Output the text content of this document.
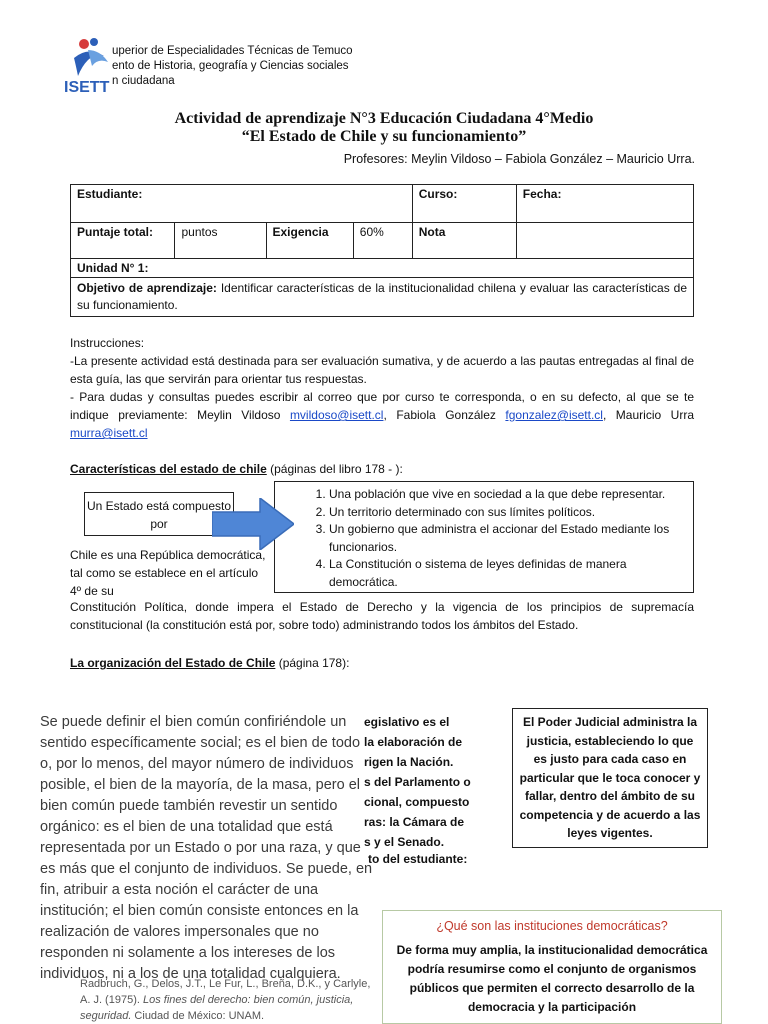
ISETT
uperior de Especialidades Técnicas de Temuco
ento de Historia, geografía y Ciencias sociales
n ciudadana
Actividad de aprendizaje N°3 Educación Ciudadana 4°Medio
“El Estado de Chile y su funcionamiento”
Profesores: Meylin Vildoso – Fabiola González – Mauricio Urra.
Estudiante:				Curso:	Fecha:
Puntaje total:	puntos	Exigencia	60%	Nota	
Unidad N° 1:					
Objetivo de aprendizaje: Identificar características de la institucionalidad chilena y evaluar las características de su funcionamiento.					
Instrucciones:
-La presente actividad está destinada para ser evaluación sumativa, y de acuerdo a las pautas entregadas al final de esta guía, las que servirán para orientar tus respuestas.
- Para dudas y consultas puedes escribir al correo que por curso te corresponda, o en su defecto, al que se te indique previamente: Meylin Vildoso mvildoso@isett.cl, Fabiola González fgonzalez@isett.cl, Mauricio Urra murra@isett.cl
Características del estado de chile (páginas del libro 178 - ):
Un Estado está compuesto por
1. Una población que vive en sociedad a la que debe representar.
2. Un territorio determinado con sus límites políticos.
3. Un gobierno que administra el accionar del Estado mediante los funcionarios.
4. La Constitución o sistema de leyes definidas de manera democrática.
Chile es una República democrática, tal como se establece en el artículo 4º de su
Constitución Política, donde impera el Estado de Derecho y la vigencia de los principios de supremacía constitucional (la constitución está por, sobre todo) administrando todos los ámbitos del Estado.
La organización del Estado de Chile (página 178):
Se puede definir el bien común confiriéndole un sentido específicamente social; es el bien de todo o, por lo menos, del mayor número de individuos posible, el bien de la mayoría, de la masa, pero el bien común puede también revestir un sentido orgánico: es el bien de una totalidad que está representada por un Estado o por una raza, y que es más que el conjunto de individuos. Se puede, en fin, atribuir a esta noción el carácter de una institución; el bien común consiste entonces en la realización de valores impersonales que no responden ni solamente a los intereses de los individuos, ni a los de una totalidad cualquiera.
Radbruch, G., Delos, J.T., Le Fur, L., Breña, D.K., y Carlyle, A. J. (1975). Los fines del derecho: bien común, justicia, seguridad. Ciudad de México: UNAM.
egislativo es el
la elaboración de
rigen la Nación.
s del Parlamento o
cional, compuesto
ras: la Cámara de
s y el Senado.
El Poder Judicial administra la justicia, estableciendo lo que es justo para cada caso en particular que le toca conocer y fallar, dentro del ámbito de su competencia y de acuerdo a las leyes vigentes.
to del estudiante:
¿Qué son las instituciones democráticas?
De forma muy amplia, la institucionalidad democrática podría resumirse como el conjunto de organismos públicos que permiten el correcto desarrollo de la democracia y la participación
